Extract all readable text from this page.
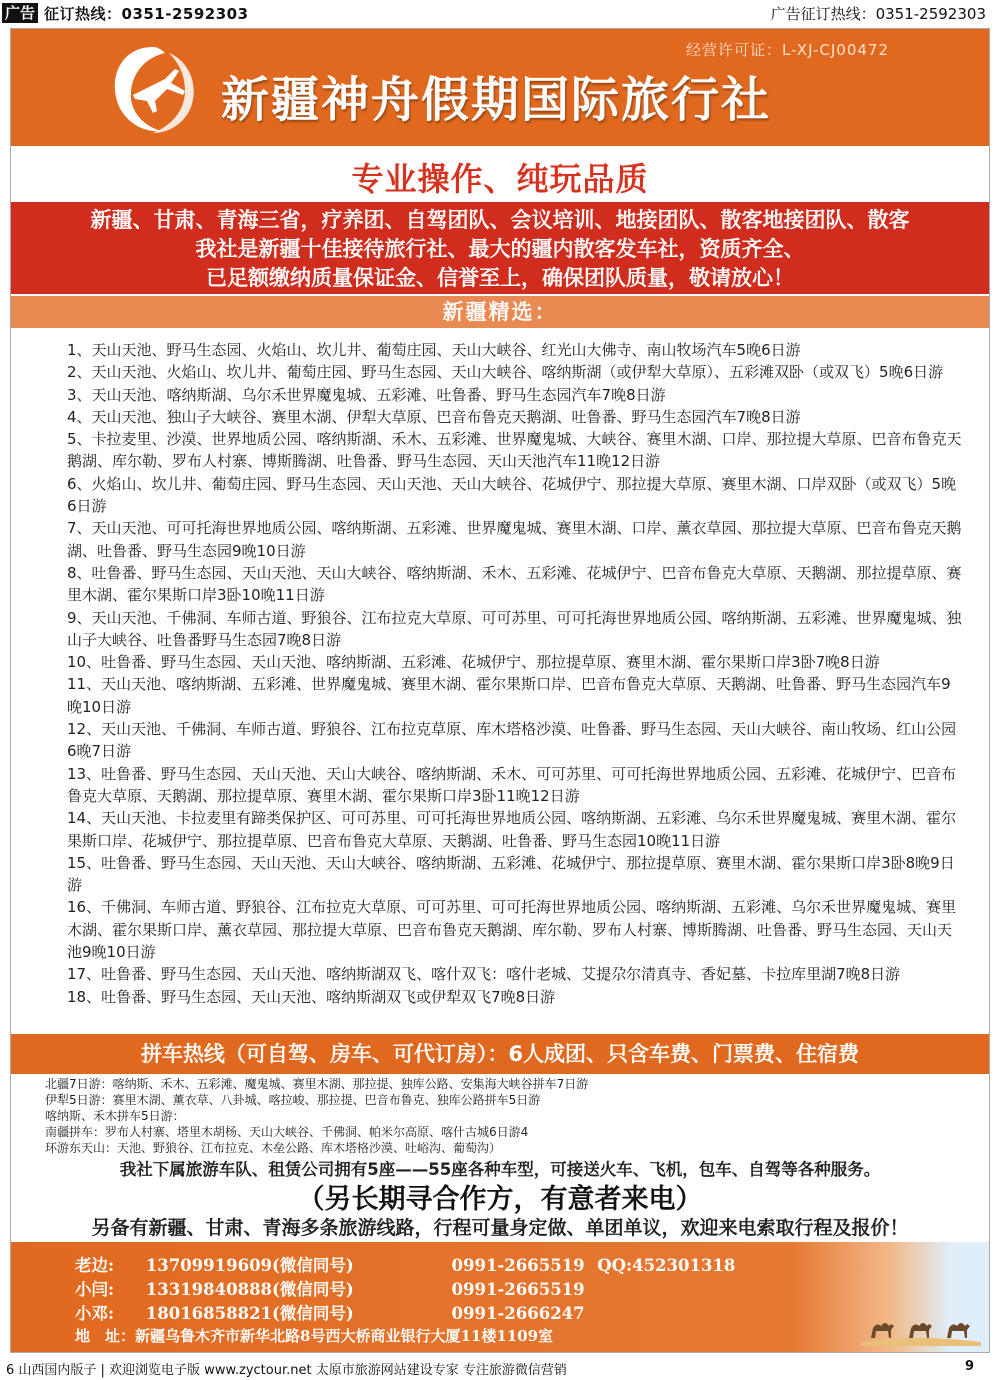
广告 征订热线：0351-2592303	广告征订热线：0351-2592303
经营许可证：L-XJ-CJ00472
新疆神舟假期国际旅行社
专业操作、纯玩品质
新疆、甘肃、青海三省，疗养团、自驾团队、会议培训、地接团队、散客地接团队、散客
我社是新疆十佳接待旅行社、最大的疆内散客发车社，资质齐全、
已足额缴纳质量保证金、信誉至上，确保团队质量，敬请放心！
新疆精选：
1、天山天池、野马生态园、火焰山、坎儿井、葡萄庄园、天山大峡谷、红光山大佛寺、南山牧场汽车5晚6日游
2、天山天池、火焰山、坎儿井、葡萄庄园、野马生态园、天山大峡谷、喀纳斯湖（或伊犁大草原）、五彩滩双卧（或双飞）5晚6日游
3、天山天池、喀纳斯湖、乌尔禾世界魔鬼城、五彩滩、吐鲁番、野马生态园汽车7晚8日游
4、天山天池、独山子大峡谷、赛里木湖、伊犁大草原、巴音布鲁克天鹅湖、吐鲁番、野马生态园汽车7晚8日游
5、卡拉麦里、沙漠、世界地质公园、喀纳斯湖、禾木、五彩滩、世界魔鬼城、大峡谷、赛里木湖、口岸、那拉提大草原、巴音布鲁克天鹅湖、库尔勒、罗布人村寨、博斯腾湖、吐鲁番、野马生态园、天山天池汽车11晚12日游
6、火焰山、坎儿井、葡萄庄园、野马生态园、天山天池、天山大峡谷、花城伊宁、那拉提大草原、赛里木湖、口岸双卧（或双飞）5晚6日游
7、天山天池、可可托海世界地质公园、喀纳斯湖、五彩滩、世界魔鬼城、赛里木湖、口岸、薰衣草园、那拉提大草原、巴音布鲁克天鹅湖、吐鲁番、野马生态园9晚10日游
8、吐鲁番、野马生态园、天山天池、天山大峡谷、喀纳斯湖、禾木、五彩滩、花城伊宁、巴音布鲁克大草原、天鹅湖、那拉提草原、赛里木湖、霍尔果斯口岸3卧10晚11日游
9、天山天池、千佛洞、车师古道、野狼谷、江布拉克大草原、可可苏里、可可托海世界地质公园、喀纳斯湖、五彩滩、世界魔鬼城、独山子大峡谷、吐鲁番野马生态园7晚8日游
10、吐鲁番、野马生态园、天山天池、喀纳斯湖、五彩滩、花城伊宁、那拉提草原、赛里木湖、霍尔果斯口岸3卧7晚8日游
11、天山天池、喀纳斯湖、五彩滩、世界魔鬼城、赛里木湖、霍尔果斯口岸、巴音布鲁克大草原、天鹅湖、吐鲁番、野马生态园汽车9晚10日游
12、天山天池、千佛洞、车师古道、野狼谷、江布拉克草原、库木塔格沙漠、吐鲁番、野马生态园、天山大峡谷、南山牧场、红山公园6晚7日游
13、吐鲁番、野马生态园、天山天池、天山大峡谷、喀纳斯湖、禾木、可可苏里、可可托海世界地质公园、五彩滩、花城伊宁、巴音布鲁克大草原、天鹅湖、那拉提草原、赛里木湖、霍尔果斯口岸3卧11晚12日游
14、天山天池、卡拉麦里有蹄类保护区、可可苏里、可可托海世界地质公园、喀纳斯湖、五彩滩、乌尔禾世界魔鬼城、赛里木湖、霍尔果斯口岸、花城伊宁、那拉提草原、巴音布鲁克大草原、天鹅湖、吐鲁番、野马生态园10晚11日游
15、吐鲁番、野马生态园、天山天池、天山大峡谷、喀纳斯湖、五彩滩、花城伊宁、那拉提草原、赛里木湖、霍尔果斯口岸3卧8晚9日游
16、千佛洞、车师古道、野狼谷、江布拉克大草原、可可苏里、可可托海世界地质公园、喀纳斯湖、五彩滩、乌尔禾世界魔鬼城、赛里木湖、霍尔果斯口岸、薰衣草园、那拉提大草原、巴音布鲁克天鹅湖、库尔勒、罗布人村寨、博斯腾湖、吐鲁番、野马生态园、天山天池9晚10日游
17、吐鲁番、野马生态园、天山天池、喀纳斯湖双飞、喀什双飞：喀什老城、艾提尕尔清真寺、香妃墓、卡拉库里湖7晚8日游
18、吐鲁番、野马生态园、天山天池、喀纳斯湖双飞或伊犁双飞7晚8日游
拼车热线（可自驾、房车、可代订房）：6人成团、只含车费、门票费、住宿费
北疆7日游：喀纳斯、禾木、五彩滩、魔鬼城、赛里木湖、那拉提、独库公路、安集海大峡谷拼车7日游
伊犁5日游：赛里木湖、薰衣草、八卦城、喀拉峻、那拉提、巴音布鲁克、独库公路拼车5日游
喀纳斯、禾木拼车5日游：
南疆拼车：罗布人村寨、塔里木胡杨、天山大峡谷、千佛洞、帕米尔高原、喀什古城6日游4
环游东天山：天池、野狼谷、江布拉克、木垒公路、库木塔格沙漠、吐峪沟、葡萄沟）
我社下属旅游车队、租赁公司拥有5座——55座各种车型，可接送火车、飞机，包车、自驾等各种服务。
（另长期寻合作方，有意者来电）
另备有新疆、甘肃、青海多条旅游线路，行程可量身定做、单团单议，欢迎来电索取行程及报价！
老边: 13709919609(微信同号)	0991-2665519 QQ:452301318
小闫: 13319840888(微信同号)	0991-2665519
小邓: 18016858821(微信同号)	0991-2666247
地　址：新疆乌鲁木齐市新华北路8号西大桥商业银行大厦11楼1109室
6 山西国内版子 | 欢迎浏览电子版 www.zyctour.net 太原市旅游网站建设专家 专注旅游微信营销	9
